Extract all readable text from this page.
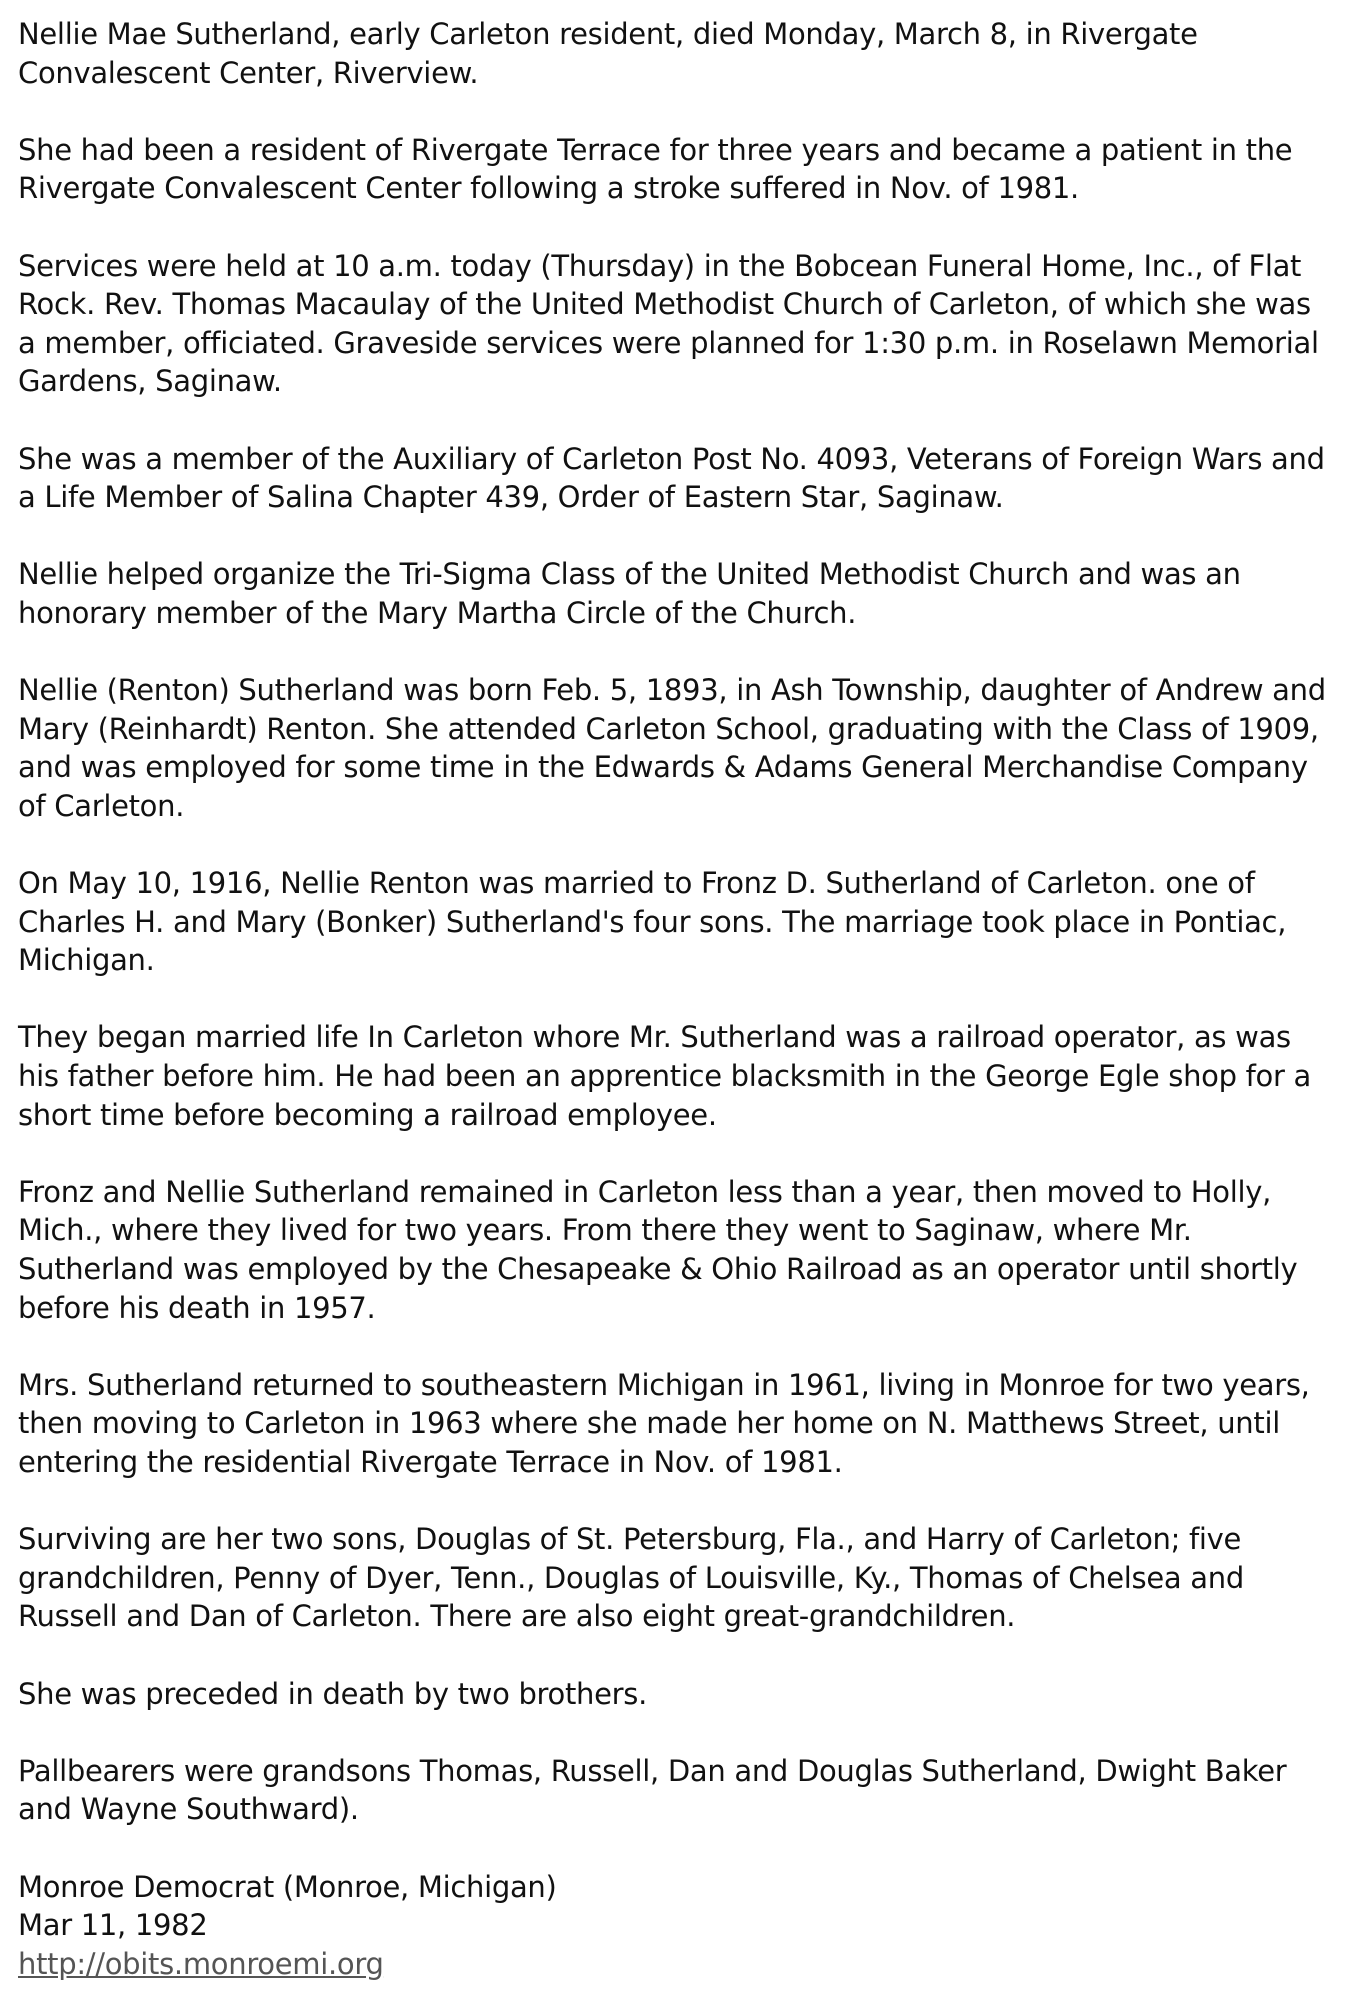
Nellie Mae Sutherland, early Carleton resident, died Monday, March 8, in Rivergate Convalescent Center, Riverview.

She had been a resident of Rivergate Terrace for three years and became a patient in the Rivergate Convalescent Center following a stroke suffered in Nov. of 1981.

Services were held at 10 a.m. today (Thursday) in the Bobcean Funeral Home, Inc., of Flat Rock. Rev. Thomas Macaulay of the United Methodist Church of Carleton, of which she was a member, officiated. Graveside services were planned for 1:30 p.m. in Roselawn Memorial Gardens, Saginaw.

She was a member of the Auxiliary of Carleton Post No. 4093, Veterans of Foreign Wars and a Life Member of Salina Chapter 439, Order of Eastern Star, Saginaw.

Nellie helped organize the Tri-Sigma Class of the United Methodist Church and was an honorary member of the Mary Martha Circle of the Church.

Nellie (Renton) Sutherland was born Feb. 5, 1893, in Ash Township, daughter of Andrew and Mary (Reinhardt) Renton. She attended Carleton School, graduating with the Class of 1909, and was employed for some time in the Edwards & Adams General Merchandise Company of Carleton.

On May 10, 1916, Nellie Renton was married to Fronz D. Sutherland of Carleton. one of Charles H. and Mary (Bonker) Sutherland's four sons. The marriage took place in Pontiac, Michigan.

They began married life In Carleton whore Mr. Sutherland was a railroad operator, as was his father before him. He had been an apprentice blacksmith in the George Egle shop for a short time before becoming a railroad employee.

Fronz and Nellie Sutherland remained in Carleton less than a year, then moved to Holly, Mich., where they lived for two years. From there they went to Saginaw, where Mr. Sutherland was employed by the Chesapeake & Ohio Railroad as an operator until shortly before his death in 1957.

Mrs. Sutherland returned to southeastern Michigan in 1961, living in Monroe for two years, then moving to Carleton in 1963 where she made her home on N. Matthews Street, until entering the residential Rivergate Terrace in Nov. of 1981.

Surviving are her two sons, Douglas of St. Petersburg, Fla., and Harry of Carleton; five grandchildren, Penny of Dyer, Tenn., Douglas of Louisville, Ky., Thomas of Chelsea and Russell and Dan of Carleton. There are also eight great-grandchildren.

She was preceded in death by two brothers.

Pallbearers were grandsons Thomas, Russell, Dan and Douglas Sutherland, Dwight Baker and Wayne Southward).

Monroe Democrat (Monroe, Michigan)
Mar 11, 1982
http://obits.monroemi.org
